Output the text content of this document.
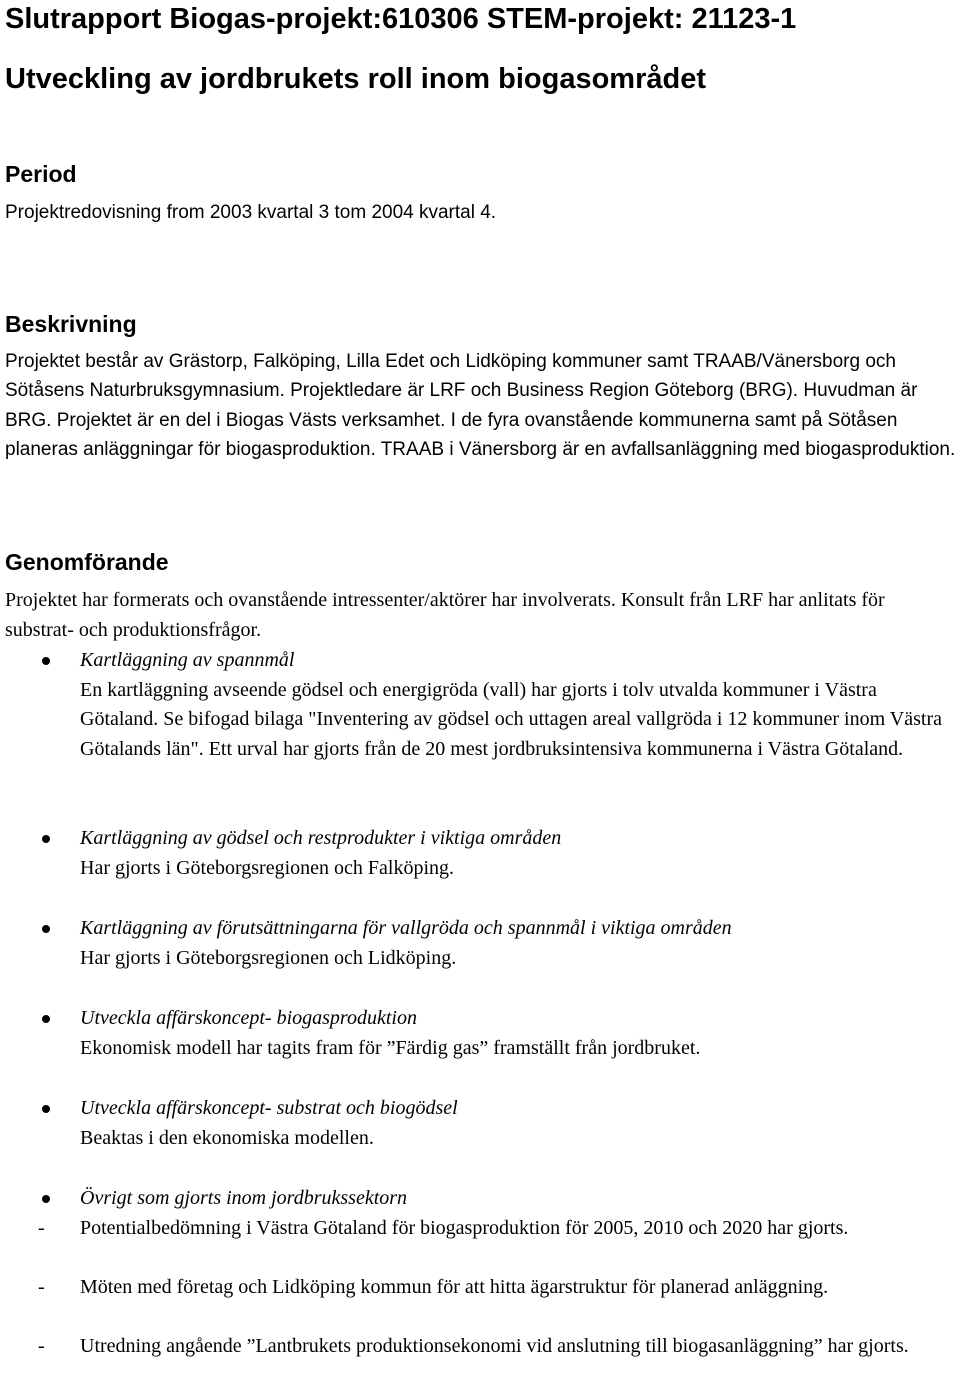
Slutrapport Biogas-projekt:610306 STEM-projekt: 21123-1
Utveckling av jordbrukets roll inom biogasområdet
Period

Projektredovisning from 2003 kvartal 3 tom 2004 kvartal 4.

Beskrivning

Projektet består av Grästorp, Falköping, Lilla Edet och Lidköping kommuner samt TRAAB/Vänersborg och Sötåsens Naturbruksgymnasium. Projektledare är LRF och Business Region Göteborg (BRG). Huvudman är BRG. Projektet är en del i Biogas Västs verksamhet. I de fyra ovanstående kommunerna samt på Sötåsen planeras anläggningar för biogasproduktion. TRAAB i Vänersborg är en avfallsanläggning med biogasproduktion.

Genomförande

Projektet har formerats och ovanstående intressenter/aktörer har involverats. Konsult från LRF har anlitats för substrat- och produktionsfrågor.

Kartläggning av spannmål
En kartläggning avseende gödsel och energigröda (vall) har gjorts i tolv utvalda kommuner i Västra Götaland. Se bifogad bilaga "Inventering av gödsel och uttagen areal vallgröda i 12 kommuner inom Västra Götalands län". Ett urval har gjorts från de 20 mest jordbruksintensiva kommunerna i Västra Götaland.
Kartläggning av gödsel och restprodukter i viktiga områden
Har gjorts i Göteborgsregionen och Falköping.
Kartläggning av förutsättningarna för vallgröda och spannmål i viktiga områden
Har gjorts i Göteborgsregionen och Lidköping.
Utveckla affärskoncept- biogasproduktion
Ekonomisk modell har tagits fram för ”Färdig gas” framställt från jordbruket.
Utveckla affärskoncept- substrat och biogödsel
Beaktas i den ekonomiska modellen.
Övrigt som gjorts inom jordbrukssektorn
- Potentialbedömning i Västra Götaland för biogasproduktion för 2005, 2010 och 2020 har gjorts.
- Möten med företag och Lidköping kommun för att hitta ägarstruktur för planerad anläggning.
- Utredning angående ”Lantbrukets produktionsekonomi vid anslutning till biogasanläggning” har gjorts.
